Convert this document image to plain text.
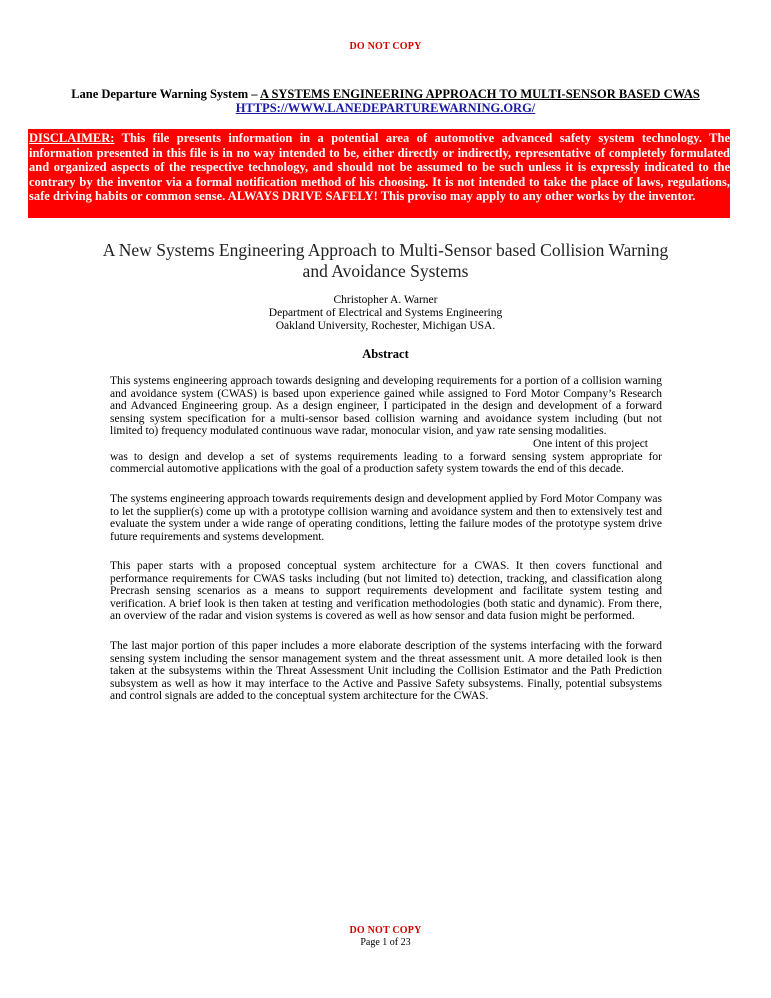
DO NOT COPY
Lane Departure Warning System – A SYSTEMS ENGINEERING APPROACH TO MULTI-SENSOR BASED CWAS
HTTPS://WWW.LANEDEPARTUREWARNING.ORG/
DISCLAIMER: This file presents information in a potential area of automotive advanced safety system technology. The information presented in this file is in no way intended to be, either directly or indirectly, representative of completely formulated and organized aspects of the respective technology, and should not be assumed to be such unless it is expressly indicated to the contrary by the inventor via a formal notification method of his choosing. It is not intended to take the place of laws, regulations, safe driving habits or common sense. ALWAYS DRIVE SAFELY! This proviso may apply to any other works by the inventor.
A New Systems Engineering Approach to Multi-Sensor based Collision Warning and Avoidance Systems
Christopher A. Warner
Department of Electrical and Systems Engineering
Oakland University, Rochester, Michigan USA.
Abstract

This systems engineering approach towards designing and developing requirements for a portion of a collision warning and avoidance system (CWAS) is based upon experience gained while assigned to Ford Motor Company’s Research and Advanced Engineering group. As a design engineer, I participated in the design and development of a forward sensing system specification for a multi-sensor based collision warning and avoidance system including (but not limited to) frequency modulated continuous wave radar, monocular vision, and yaw rate sensing modalities.

One intent of this project

was to design and develop a set of systems requirements leading to a forward sensing system appropriate for commercial automotive applications with the goal of a production safety system towards the end of this decade.

The systems engineering approach towards requirements design and development applied by Ford Motor Company was to let the supplier(s) come up with a prototype collision warning and avoidance system and then to extensively test and evaluate the system under a wide range of operating conditions, letting the failure modes of the prototype system drive future requirements and systems development.

This paper starts with a proposed conceptual system architecture for a CWAS. It then covers functional and performance requirements for CWAS tasks including (but not limited to) detection, tracking, and classification along Precrash sensing scenarios as a means to support requirements development and facilitate system testing and verification. A brief look is then taken at testing and verification methodologies (both static and dynamic). From there, an overview of the radar and vision systems is covered as well as how sensor and data fusion might be performed.

The last major portion of this paper includes a more elaborate description of the systems interfacing with the forward sensing system including the sensor management system and the threat assessment unit. A more detailed look is then taken at the subsystems within the Threat Assessment Unit including the Collision Estimator and the Path Prediction subsystem as well as how it may interface to the Active and Passive Safety subsystems. Finally, potential subsystems and control signals are added to the conceptual system architecture for the CWAS.

DO NOT COPY
Page 1 of 23
